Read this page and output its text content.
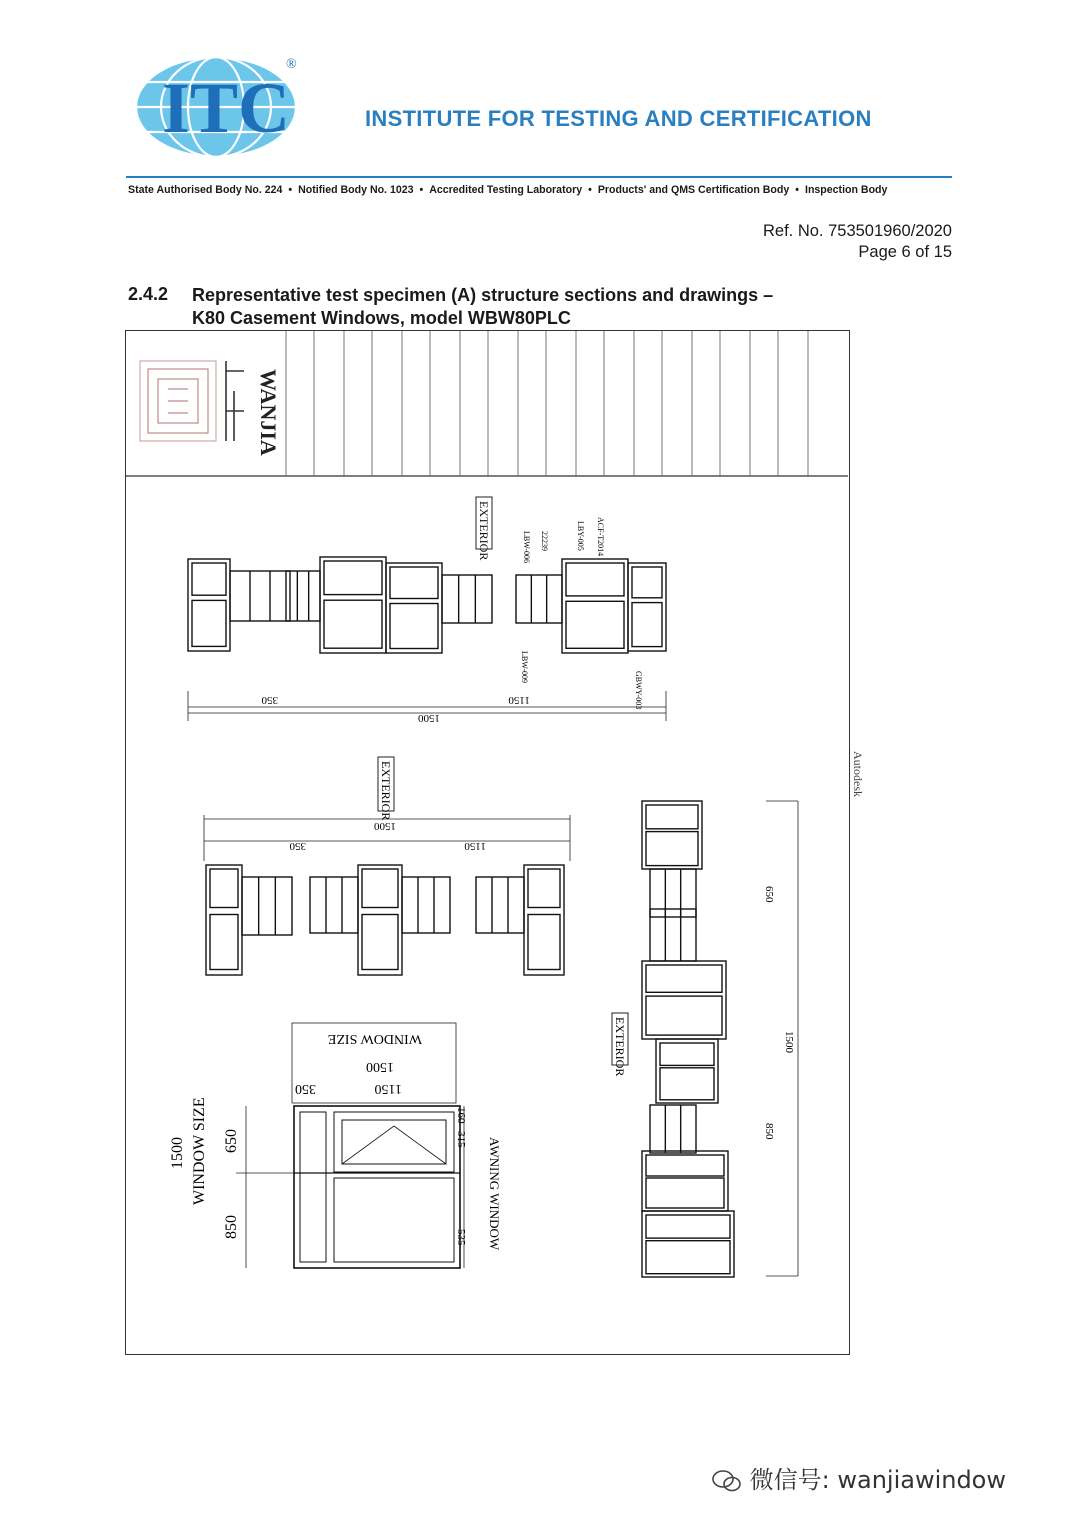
ITC
®
INSTITUTE FOR TESTING AND CERTIFICATION
State Authorised Body No. 224 • Notified Body No. 1023 • Accredited Testing Laboratory • Products' and QMS Certification Body • Inspection Body
Ref. No. 753501960/2020
Page 6 of 15
2.4.2 Representative test specimen (A) structure sections and drawings –
K80 Casement Windows, model WBW80PLC
WANJIA
EXTERIOR	LBW-006 22239	LBY-005 ACF-T2014
LBW-009
GBWY-003
350	1150
1500
EXTERIOR
1500
350	1150
1500
650
850
EXTERIOR
WINDOW SIZE
1500
350	1150
1500 WINDOW SIZE 650
850
160
315
535 AWNING WINDOW
Autodesk
微信号: wanjiawindow
